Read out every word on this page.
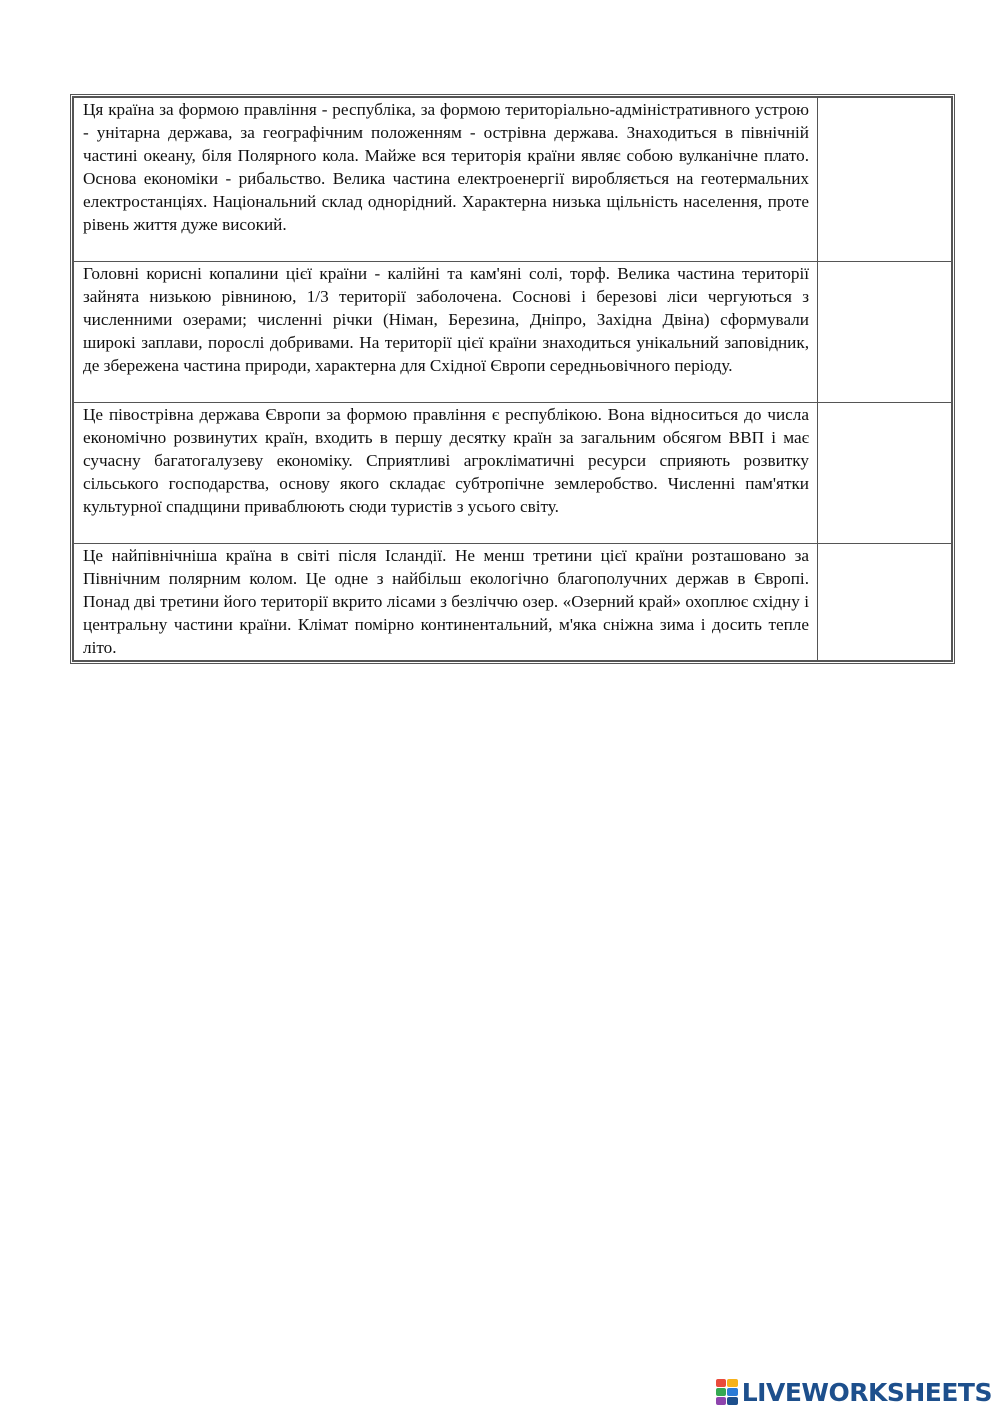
Ця країна за формою правління - республіка, за формою територіально-адміністративного устрою - унітарна держава, за географічним положенням - острівна держава. Знаходиться в північній частині океану, біля Полярного кола. Майже вся територія країни являє собою вулканічне плато. Основа економіки - рибальство. Велика частина електроенергії виробляється на геотермальних електростанціях. Національний склад однорідний. Характерна низька щільність населення, проте рівень життя дуже високий.	

Головні корисні копалини цієї країни - калійні та кам'яні солі, торф. Велика частина території зайнята низькою рівниною, 1/3 території заболочена. Соснові і березові ліси чергуються з численними озерами; численні річки (Німан, Березина, Дніпро, Західна Двіна) сформували широкі заплави, порослі добривами. На території цієї країни знаходиться унікальний заповідник, де збережена частина природи, характерна для Східної Європи середньовічного періоду.	

Це півострівна держава Європи за формою правління є республікою. Вона відноситься до числа економічно розвинутих країн, входить в першу десятку країн за загальним обсягом ВВП і має сучасну багатогалузеву економіку. Сприятливі агрокліматичні ресурси сприяють розвитку сільського господарства, основу якого складає субтропічне землеробство. Численні пам'ятки культурної спадщини приваблюють сюди туристів з усього світу.	

Це найпівнічніша країна в світі після Ісландії. Не менш третини цієї країни розташовано за Північним полярним колом. Це одне з найбільш екологічно благополучних держав в Європі. Понад дві третини його території вкрито лісами з безліччю озер. «Озерний край» охоплює східну і центральну частини країни. Клімат помірно континентальний, м'яка сніжна зима і досить тепле літо.	
LIVEWORKSHEETS
